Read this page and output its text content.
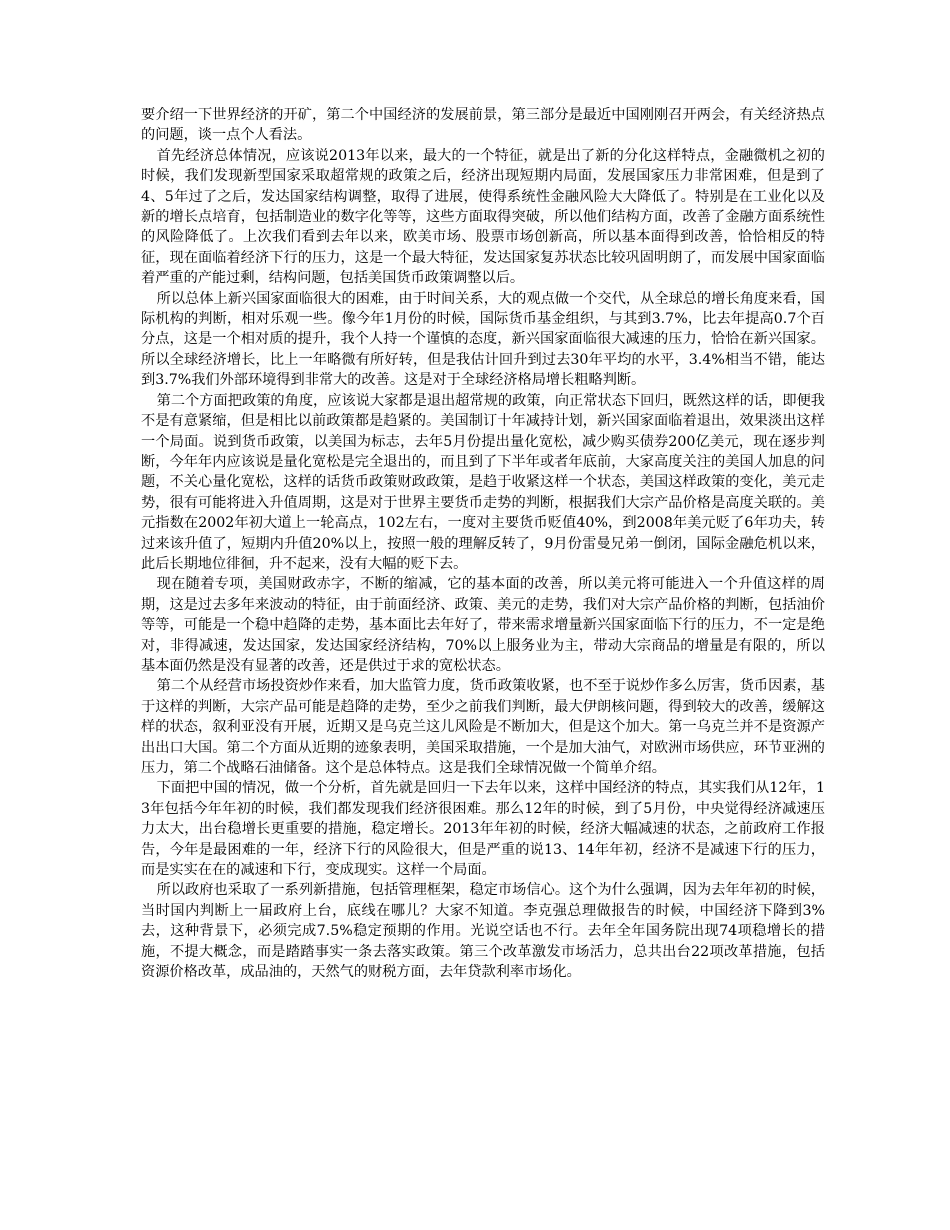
要介绍一下世界经济的开矿，第二个中国经济的发展前景，第三部分是最近中国刚刚召开两会，有关经济热点的问题，谈一点个人看法。

首先经济总体情况，应该说2013年以来，最大的一个特征，就是出了新的分化这样特点，金融微机之初的时候，我们发现新型国家采取超常规的政策之后，经济出现短期内局面，发展国家压力非常困难，但是到了4、5年过了之后，发达国家结构调整，取得了进展，使得系统性金融风险大大降低了。特别是在工业化以及新的增长点培育，包括制造业的数字化等等，这些方面取得突破，所以他们结构方面，改善了金融方面系统性的风险降低了。上次我们看到去年以来，欧美市场、股票市场创新高，所以基本面得到改善，恰恰相反的特征，现在面临着经济下行的压力，这是一个最大特征，发达国家复苏状态比较巩固明朗了，而发展中国家面临着严重的产能过剩，结构问题，包括美国货币政策调整以后。

所以总体上新兴国家面临很大的困难，由于时间关系，大的观点做一个交代，从全球总的增长角度来看，国际机构的判断，相对乐观一些。像今年1月份的时候，国际货币基金组织，与其到3.7%，比去年提高0.7个百分点，这是一个相对质的提升，我个人持一个谨慎的态度，新兴国家面临很大减速的压力，恰恰在新兴国家。所以全球经济增长，比上一年略微有所好转，但是我估计回升到过去30年平均的水平，3.4%相当不错，能达到3.7%我们外部环境得到非常大的改善。这是对于全球经济格局增长粗略判断。

第二个方面把政策的角度，应该说大家都是退出超常规的政策，向正常状态下回归，既然这样的话，即便我不是有意紧缩，但是相比以前政策都是趋紧的。美国制订十年减持计划，新兴国家面临着退出，效果淡出这样一个局面。说到货币政策，以美国为标志，去年5月份提出量化宽松，减少购买债券200亿美元，现在逐步判断，今年年内应该说是量化宽松是完全退出的，而且到了下半年或者年底前，大家高度关注的美国人加息的问题，不关心量化宽松，这样的话货币政策财政政策，是趋于收紧这样一个状态，美国这样政策的变化，美元走势，很有可能将进入升值周期，这是对于世界主要货币走势的判断，根据我们大宗产品价格是高度关联的。美元指数在2002年初大道上一轮高点，102左右，一度对主要货币贬值40%，到2008年美元贬了6年功夫，转过来该升值了，短期内升值20%以上，按照一般的理解反转了，9月份雷曼兄弟一倒闭，国际金融危机以来，此后长期地位徘徊，升不起来，没有大幅的贬下去。

现在随着专项，美国财政赤字，不断的缩减，它的基本面的改善，所以美元将可能进入一个升值这样的周期，这是过去多年来波动的特征，由于前面经济、政策、美元的走势，我们对大宗产品价格的判断，包括油价等等，可能是一个稳中趋降的走势，基本面比去年好了，带来需求增量新兴国家面临下行的压力，不一定是绝对，非得减速，发达国家，发达国家经济结构，70%以上服务业为主，带动大宗商品的增量是有限的，所以基本面仍然是没有显著的改善，还是供过于求的宽松状态。

第二个从经营市场投资炒作来看，加大监管力度，货币政策收紧，也不至于说炒作多么厉害，货币因素，基于这样的判断，大宗产品可能是趋降的走势，至少之前我们判断，最大伊朗核问题，得到较大的改善，缓解这样的状态，叙利亚没有开展，近期又是乌克兰这儿风险是不断加大，但是这个加大。第一乌克兰并不是资源产出出口大国。第二个方面从近期的迹象表明，美国采取措施，一个是加大油气，对欧洲市场供应，环节亚洲的压力，第二个战略石油储备。这个是总体特点。这是我们全球情况做一个简单介绍。

下面把中国的情况，做一个分析，首先就是回归一下去年以来，这样中国经济的特点，其实我们从12年，13年包括今年年初的时候，我们都发现我们经济很困难。那么12年的时候，到了5月份，中央觉得经济减速压力太大，出台稳增长更重要的措施，稳定增长。2013年年初的时候，经济大幅减速的状态，之前政府工作报告，今年是最困难的一年，经济下行的风险很大，但是严重的说13、14年年初，经济不是减速下行的压力，而是实实在在的减速和下行，变成现实。这样一个局面。

所以政府也采取了一系列新措施，包括管理框架，稳定市场信心。这个为什么强调，因为去年年初的时候，当时国内判断上一届政府上台，底线在哪儿？大家不知道。李克强总理做报告的时候，中国经济下降到3%去，这种背景下，必须完成7.5%稳定预期的作用。光说空话也不行。去年全年国务院出现74项稳增长的措施，不提大概念，而是踏踏事实一条去落实政策。第三个改革激发市场活力，总共出台22项改革措施，包括资源价格改革，成品油的，天然气的财税方面，去年贷款利率市场化。
